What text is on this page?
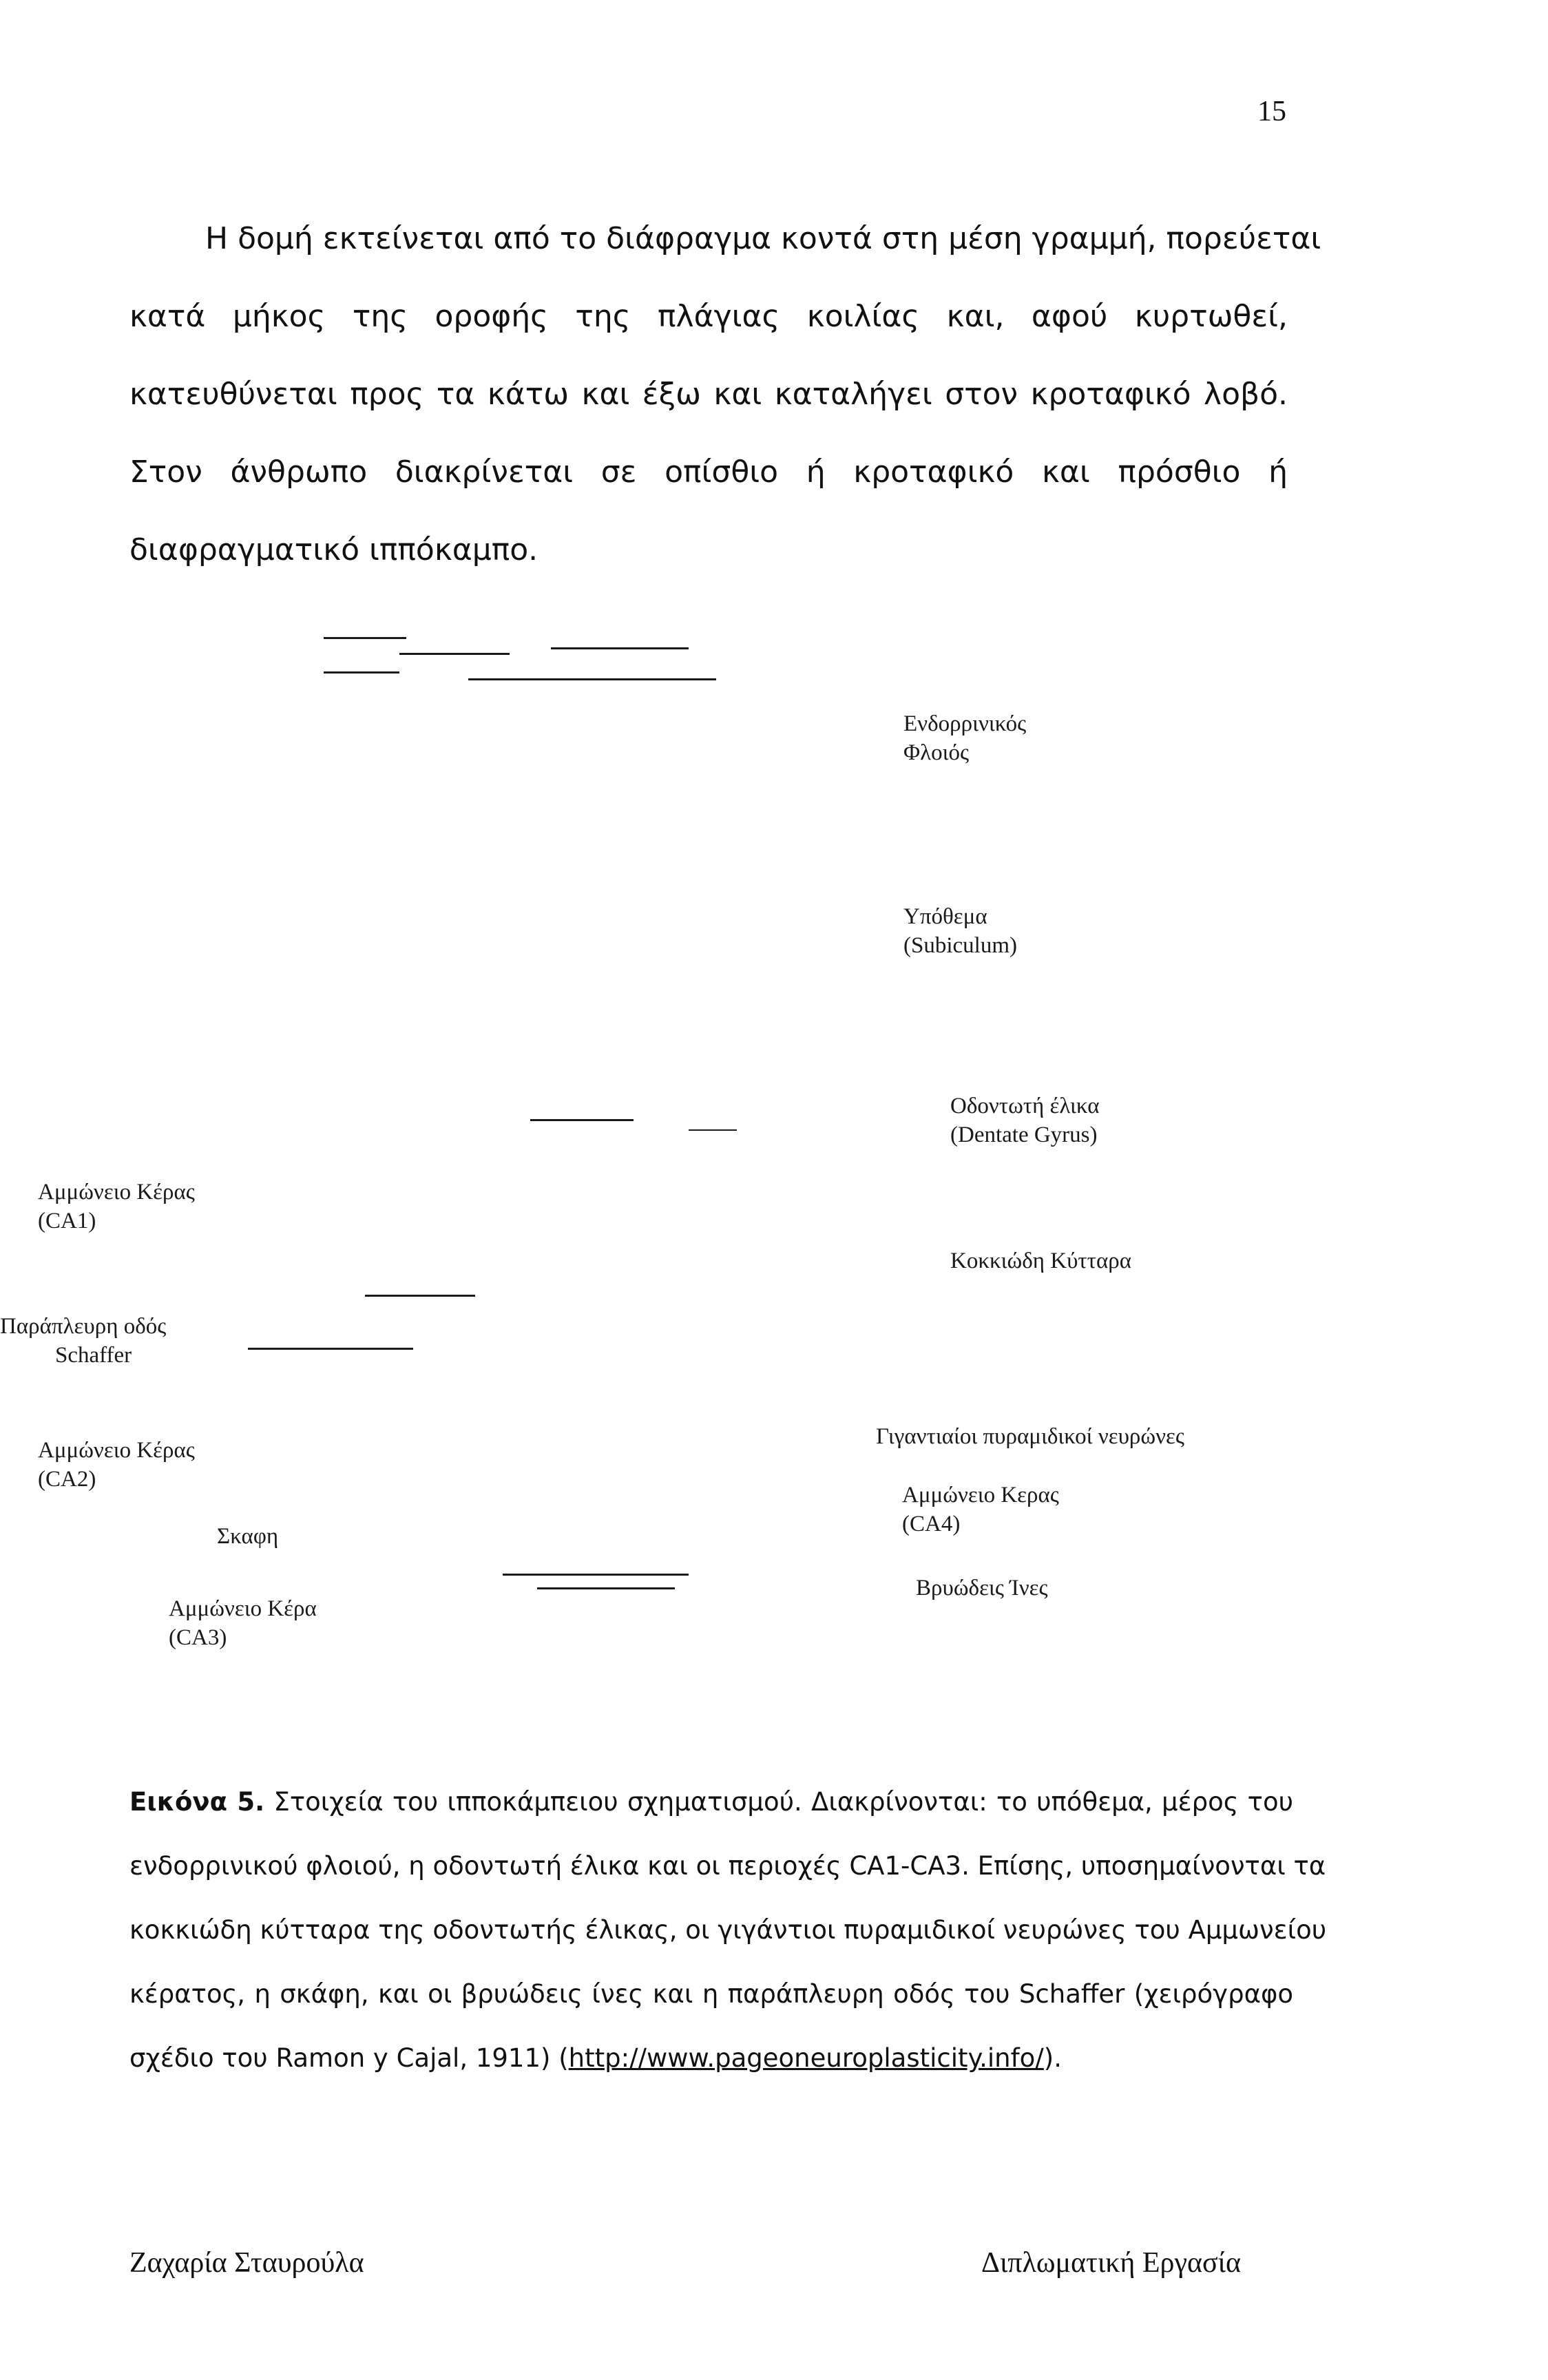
15
Η δομή εκτείνεται από το διάφραγμα κοντά στη μέση γραμμή, πορεύεται
κατά μήκος της οροφής της πλάγιας κοιλίας και, αφού κυρτωθεί,
κατευθύνεται προς τα κάτω και έξω και καταλήγει στον κροταφικό λοβό.
Στον άνθρωπο διακρίνεται σε οπίσθιο ή κροταφικό και πρόσθιο ή
διαφραγματικό ιππόκαμπο.
Ενδορρινικός
Φλοιός
Υπόθεμα
(Subiculum)
Οδοντωτή έλικα
(Dentate Gyrus)
Αμμώνειο Κέρας
(CA1)
Κοκκιώδη Κύτταρα
Παράπλευρη οδός
Schaffer
Αμμώνειο Κέρας
(CA2)
Γιγαντιαίοι πυραμιδικοί νευρώνες
Αμμώνειο Κερας
(CA4)
Σκαφη
Βρυώδεις Ίνες
Αμμώνειο Κέρα
(CA3)
Εικόνα 5. Στοιχεία του ιπποκάμπειου σχηματισμού. Διακρίνονται: το υπόθεμα, μέρος του
ενδορρινικού φλοιού, η οδοντωτή έλικα και οι περιοχές CA1-CA3. Επίσης, υποσημαίνονται τα
κοκκιώδη κύτταρα της οδοντωτής έλικας, οι γιγάντιοι πυραμιδικοί νευρώνες του Αμμωνείου
κέρατος, η σκάφη, και οι βρυώδεις ίνες και η παράπλευρη οδός του Schaffer (χειρόγραφο
σχέδιο του Ramon y Cajal, 1911) (http://www.pageoneuroplasticity.info/).
Ζαχαρία Σταυρούλα	Διπλωματική Εργασία
